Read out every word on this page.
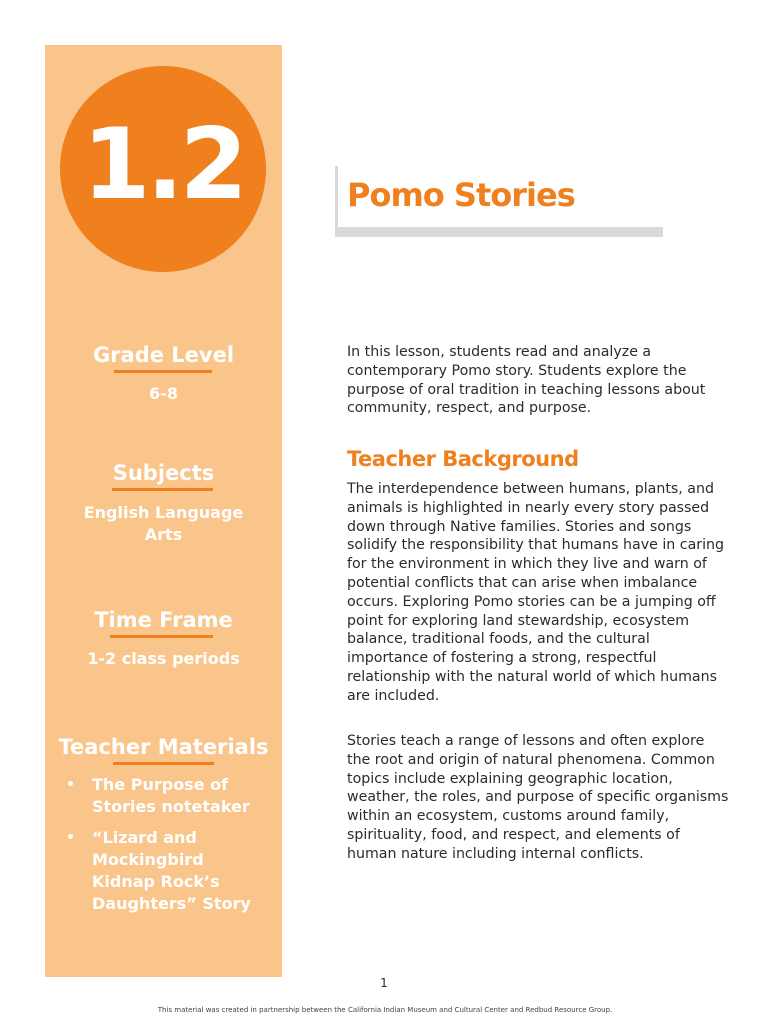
1.2
Grade Level
6-8
Subjects
English Language
Arts
Time Frame
1-2 class periods
Teacher Materials
• The Purpose of Stories notetaker
• “Lizard and Mockingbird Kidnap Rock’s Daughters” Story
Pomo Stories

In this lesson, students read and analyze a contemporary Pomo story. Students explore the purpose of oral tradition in teaching lessons about community, respect, and purpose.

Teacher Background

The interdependence between humans, plants, and animals is highlighted in nearly every story passed down through Native families. Stories and songs solidify the responsibility that humans have in caring for the environment in which they live and warn of potential conflicts that can arise when imbalance occurs. Exploring Pomo stories can be a jumping off point for exploring land stewardship, ecosystem balance, traditional foods, and the cultural importance of fostering a strong, respectful relationship with the natural world of which humans are included.

Stories teach a range of lessons and often explore the root and origin of natural phenomena. Common topics include explaining geographic location, weather, the roles, and purpose of specific organisms within an ecosystem, customs around family, spirituality, food, and respect, and elements of human nature including internal conflicts.

1
This material was created in partnership between the California Indian Museum and Cultural Center and Redbud Resource Group.
